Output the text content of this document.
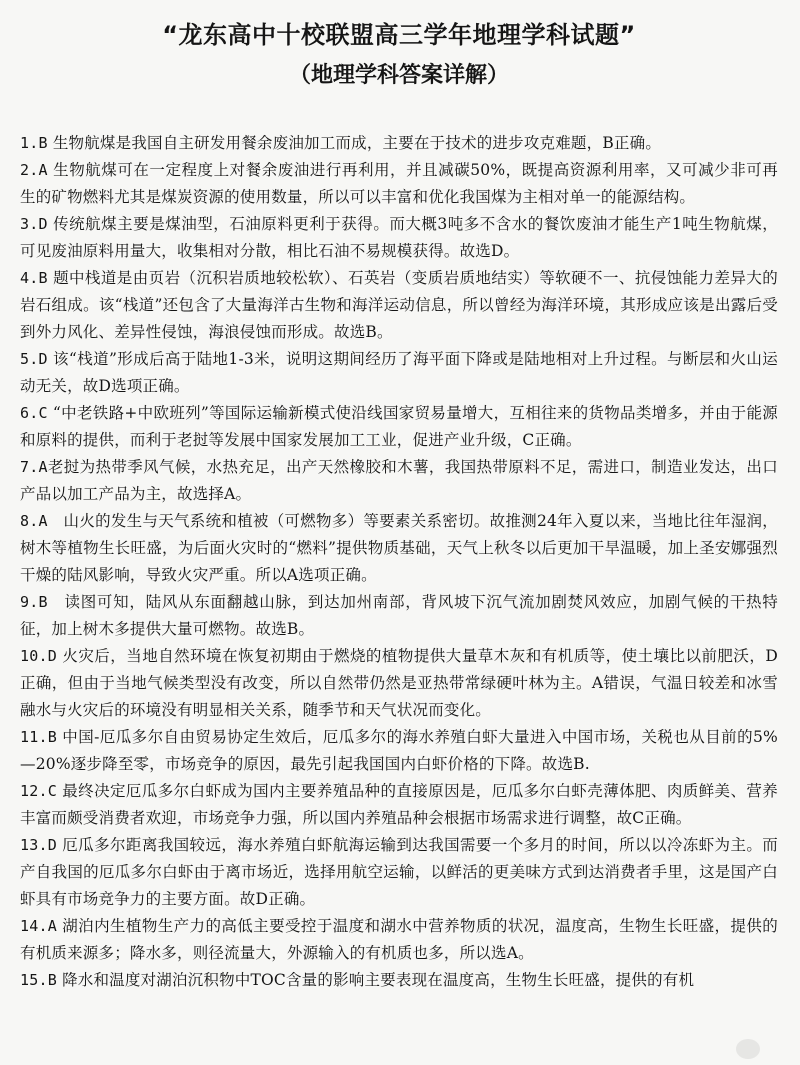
“龙东高中十校联盟高三学年地理学科试题”
（地理学科答案详解）

1.B 生物航煤是我国自主研发用餐余废油加工而成，主要在于技术的进步攻克难题，B正确。

2.A 生物航煤可在一定程度上对餐余废油进行再利用，并且减碳50%，既提高资源利用率，又可减少非可再生的矿物燃料尤其是煤炭资源的使用数量，所以可以丰富和优化我国煤为主相对单一的能源结构。

3.D 传统航煤主要是煤油型，石油原料更利于获得。而大概3吨多不含水的餐饮废油才能生产1吨生物航煤，可见废油原料用量大，收集相对分散，相比石油不易规模获得。故选D。

4.B 题中栈道是由页岩（沉积岩质地较松软）、石英岩（变质岩质地结实）等软硬不一、抗侵蚀能力差异大的岩石组成。该“栈道”还包含了大量海洋古生物和海洋运动信息，所以曾经为海洋环境，其形成应该是出露后受到外力风化、差异性侵蚀，海浪侵蚀而形成。故选B。

5.D 该“栈道”形成后高于陆地1-3米，说明这期间经历了海平面下降或是陆地相对上升过程。与断层和火山运动无关，故D选项正确。

6.C “中老铁路+中欧班列”等国际运输新模式使沿线国家贸易量增大，互相往来的货物品类增多，并由于能源和原料的提供，而利于老挝等发展中国家发展加工工业，促进产业升级，C正确。

7.A老挝为热带季风气候，水热充足，出产天然橡胶和木薯，我国热带原料不足，需进口，制造业发达，出口产品以加工产品为主，故选择A。

8.A　山火的发生与天气系统和植被（可燃物多）等要素关系密切。故推测24年入夏以来，当地比往年湿润，树木等植物生长旺盛，为后面火灾时的“燃料”提供物质基础，天气上秋冬以后更加干旱温暖，加上圣安娜强烈干燥的陆风影响，导致火灾严重。所以A选项正确。

9.B　读图可知，陆风从东面翻越山脉，到达加州南部，背风坡下沉气流加剧焚风效应，加剧气候的干热特征，加上树木多提供大量可燃物。故选B。

10.D 火灾后，当地自然环境在恢复初期由于燃烧的植物提供大量草木灰和有机质等，使土壤比以前肥沃，D正确，但由于当地气候类型没有改变，所以自然带仍然是亚热带常绿硬叶林为主。A错误，气温日较差和冰雪融水与火灾后的环境没有明显相关关系，随季节和天气状况而变化。

11.B 中国-厄瓜多尔自由贸易协定生效后，厄瓜多尔的海水养殖白虾大量进入中国市场，关税也从目前的5%—20%逐步降至零，市场竞争的原因，最先引起我国国内白虾价格的下降。故选B.

12.C 最终决定厄瓜多尔白虾成为国内主要养殖品种的直接原因是，厄瓜多尔白虾壳薄体肥、肉质鲜美、营养丰富而颇受消费者欢迎，市场竞争力强，所以国内养殖品种会根据市场需求进行调整，故C正确。

13.D 厄瓜多尔距离我国较远，海水养殖白虾航海运输到达我国需要一个多月的时间，所以以冷冻虾为主。而产自我国的厄瓜多尔白虾由于离市场近，选择用航空运输，以鲜活的更美味方式到达消费者手里，这是国产白虾具有市场竞争力的主要方面。故D正确。

14.A 湖泊内生植物生产力的高低主要受控于温度和湖水中营养物质的状况，温度高，生物生长旺盛，提供的有机质来源多；降水多，则径流量大，外源输入的有机质也多，所以选A。

15.B 降水和温度对湖泊沉积物中TOC含量的影响主要表现在温度高，生物生长旺盛，提供的有机
